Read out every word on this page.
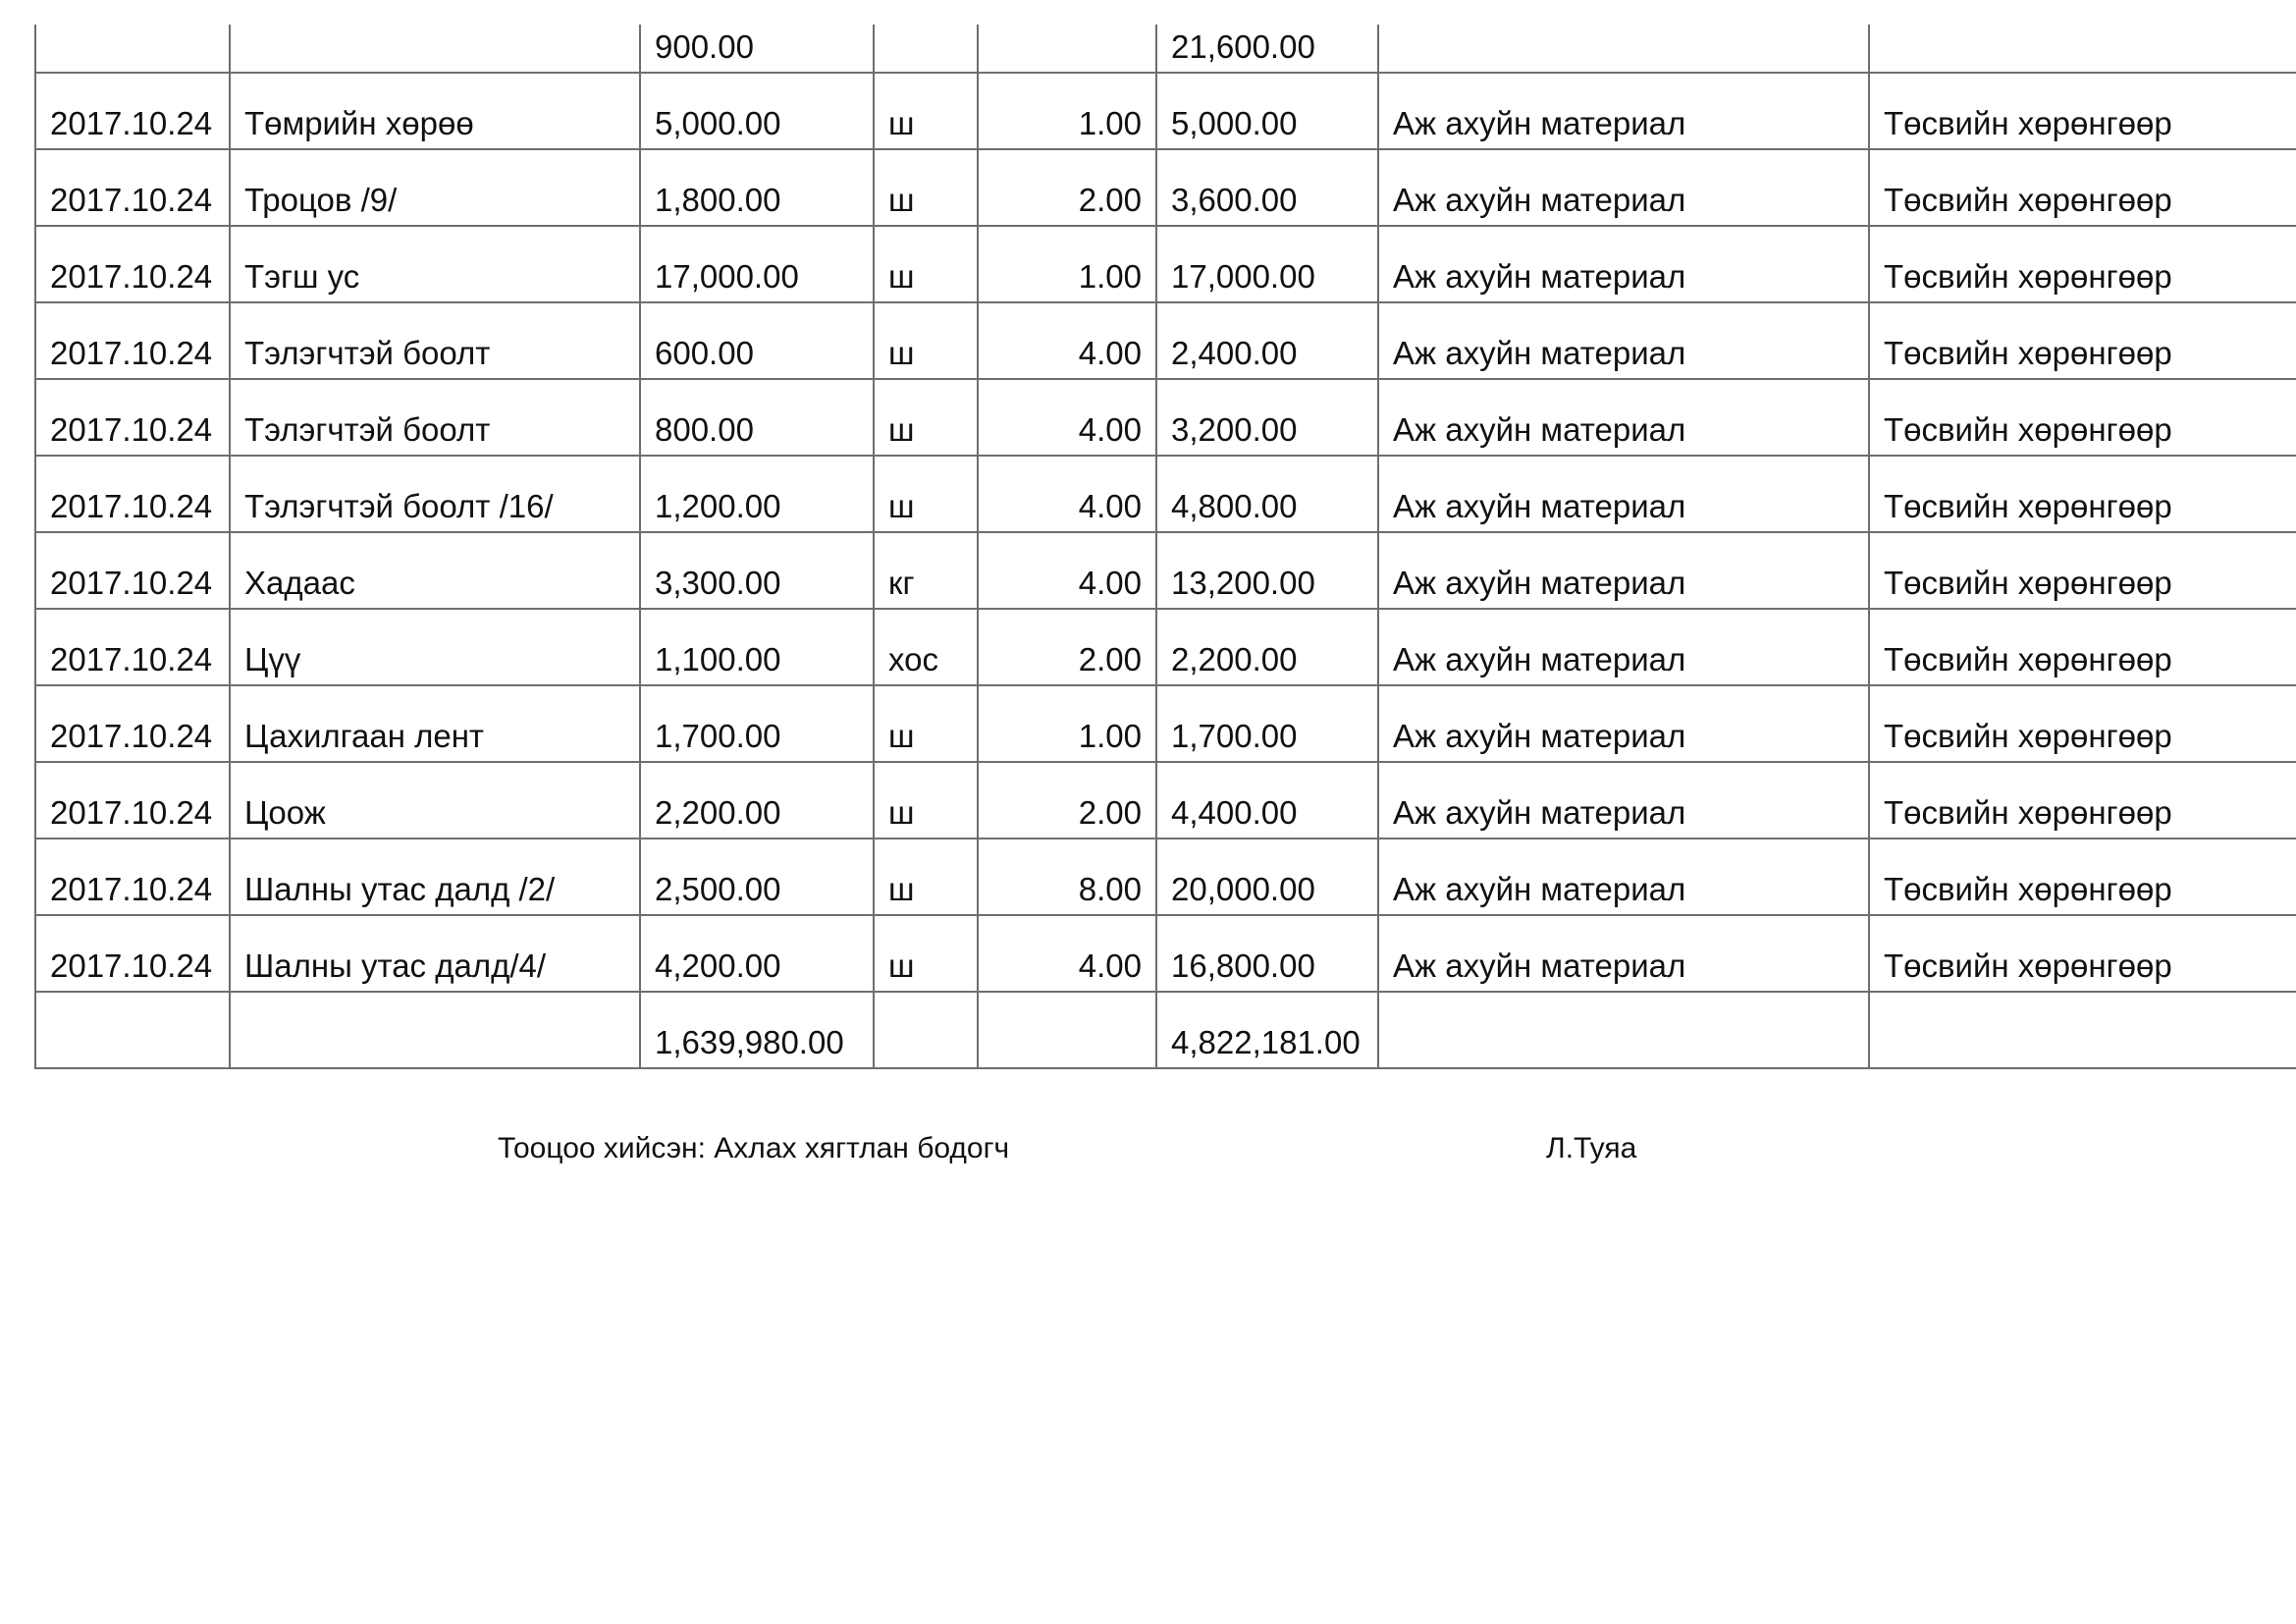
		900.00			21,600.00		
2017.10.24	Төмрийн хөрөө	5,000.00	ш	1.00	5,000.00	Аж ахуйн материал	Төсвийн хөрөнгөөр
2017.10.24	Троцов /9/	1,800.00	ш	2.00	3,600.00	Аж ахуйн материал	Төсвийн хөрөнгөөр
2017.10.24	Тэгш ус	17,000.00	ш	1.00	17,000.00	Аж ахуйн материал	Төсвийн хөрөнгөөр
2017.10.24	Тэлэгчтэй боолт	600.00	ш	4.00	2,400.00	Аж ахуйн материал	Төсвийн хөрөнгөөр
2017.10.24	Тэлэгчтэй боолт	800.00	ш	4.00	3,200.00	Аж ахуйн материал	Төсвийн хөрөнгөөр
2017.10.24	Тэлэгчтэй боолт /16/	1,200.00	ш	4.00	4,800.00	Аж ахуйн материал	Төсвийн хөрөнгөөр
2017.10.24	Хадаас	3,300.00	кг	4.00	13,200.00	Аж ахуйн материал	Төсвийн хөрөнгөөр
2017.10.24	Цүү	1,100.00	хос	2.00	2,200.00	Аж ахуйн материал	Төсвийн хөрөнгөөр
2017.10.24	Цахилгаан лент	1,700.00	ш	1.00	1,700.00	Аж ахуйн материал	Төсвийн хөрөнгөөр
2017.10.24	Цоож	2,200.00	ш	2.00	4,400.00	Аж ахуйн материал	Төсвийн хөрөнгөөр
2017.10.24	Шалны утас далд /2/	2,500.00	ш	8.00	20,000.00	Аж ахуйн материал	Төсвийн хөрөнгөөр
2017.10.24	Шалны утас далд/4/	4,200.00	ш	4.00	16,800.00	Аж ахуйн материал	Төсвийн хөрөнгөөр
		1,639,980.00			4,822,181.00		
Тооцоо хийсэн: Ахлах хягтлан бодогч	Л.Туяа
